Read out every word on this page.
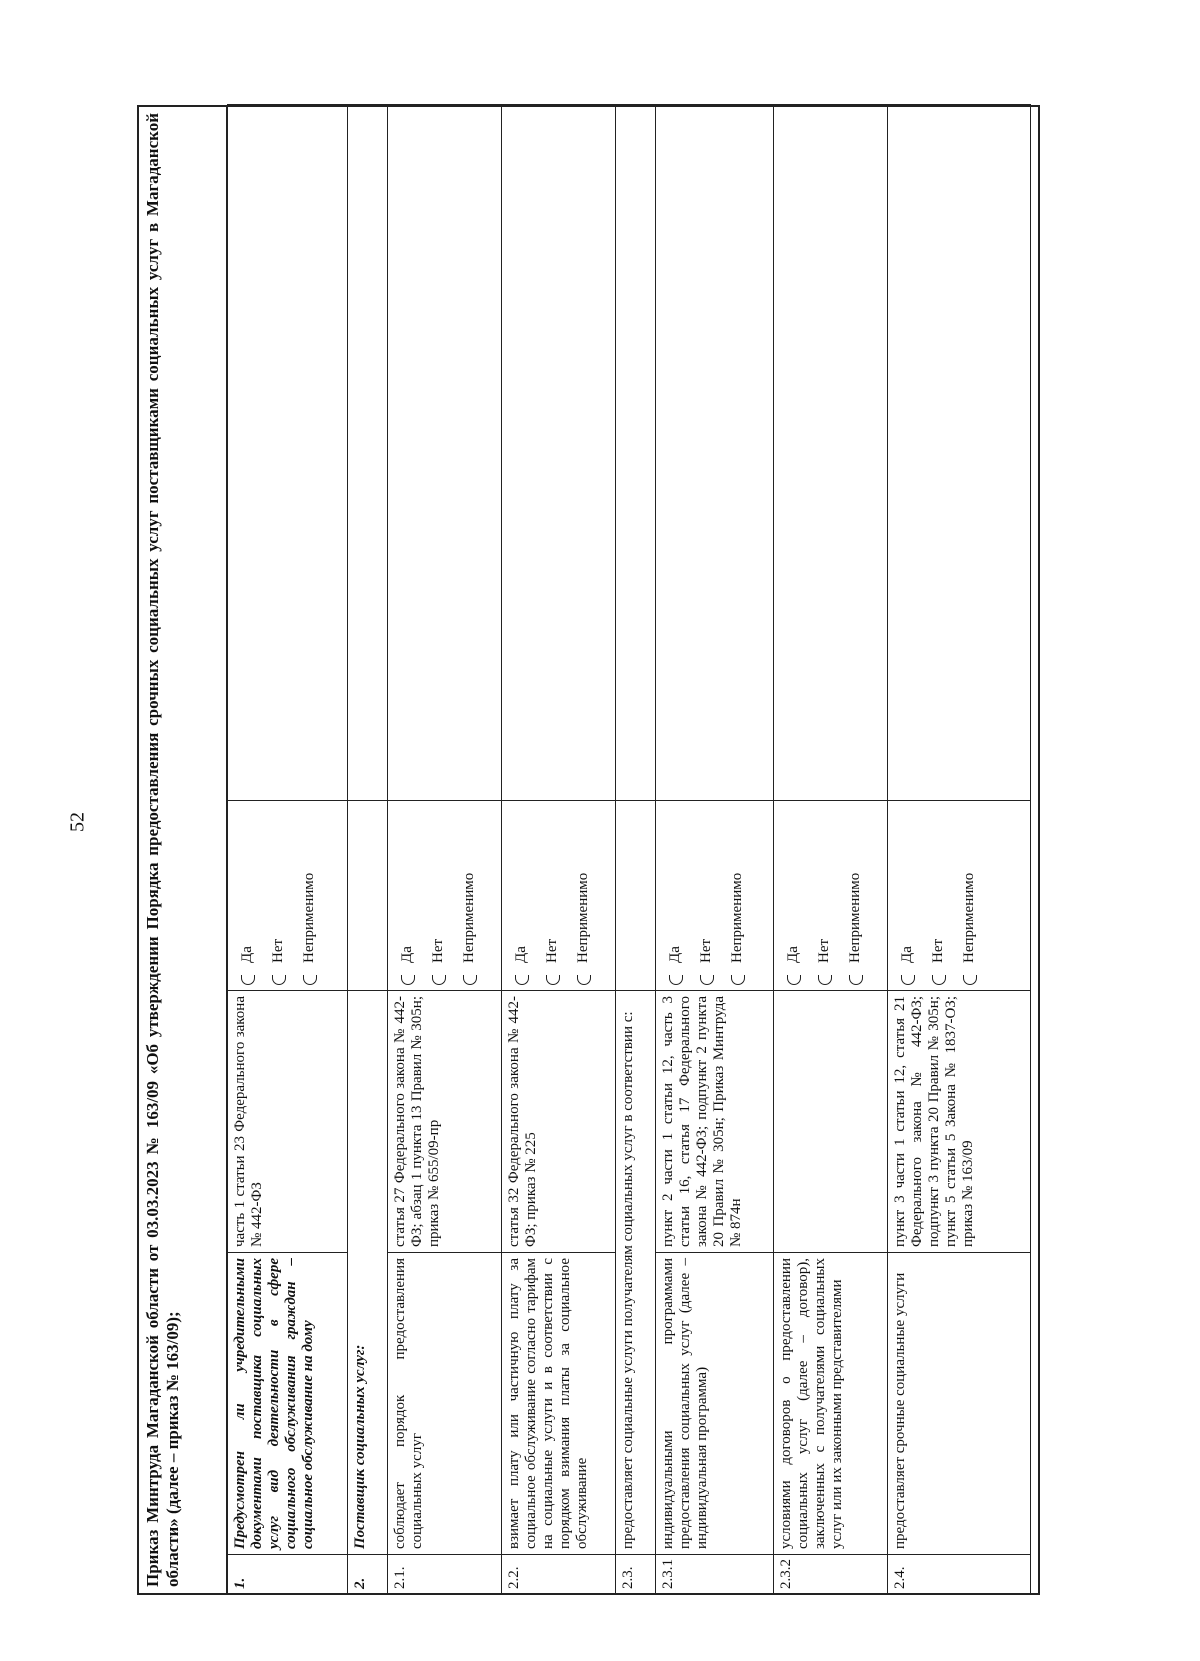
52	Приказ Минтруда Магаданской области от 03.03.2023 № 163/09 «Об утверждении Порядка предоставления срочных социальных услуг поставщиками социальных услуг в Магаданской области» (далее – приказ № 163/09);	1.	Предусмотрен ли учредительными документами поставщика социальных услуг вид деятельности в сфере социального обслуживания граждан – социальное обслуживание на дому	часть 1 статьи 23 Федерального закона № 442-ФЗ	Да Нет Неприменимо	

2.	Поставщик социальных услуг:			
2.1.	соблюдает порядок предоставления социальных услуг	статья 27 Федерального закона № 442-ФЗ; абзац 1 пункта 13 Правил № 305н; приказ № 655/09-пр	Да Нет Неприменимо	

2.2.	взимает плату или частичную плату за социальное обслуживание согласно тарифам на социальные услуги и в соответствии с порядком взимания платы за социальное обслуживание	статья 32 Федерального закона № 442-ФЗ; приказ № 225	Да Нет Неприменимо	

2.3.	предоставляет социальные услуги получателям социальных услуг в соответствии с:			
2.3.1	индивидуальными программами предоставления социальных услуг (далее – индивидуальная программа)	пункт 2 части 1 статьи 12, часть 3 статьи 16, статья 17 Федерального закона № 442-ФЗ; подпункт 2 пункта 20 Правил № 305н; Приказ Минтруда № 874н	Да Нет Неприменимо	

2.3.2	условиями договоров о предоставлении социальных услуг (далее – договор), заключенных с получателями социальных услуг или их законными представителями		Да Нет Неприменимо	

2.4.	предоставляет срочные социальные услуги	пункт 3 части 1 статьи 12, статья 21 Федерального закона № 442-ФЗ; подпункт 3 пункта 20 Правил № 305н; пункт 5 статьи 5 Закона № 1837-ОЗ; приказ № 163/09	Да Нет Неприменимо	
